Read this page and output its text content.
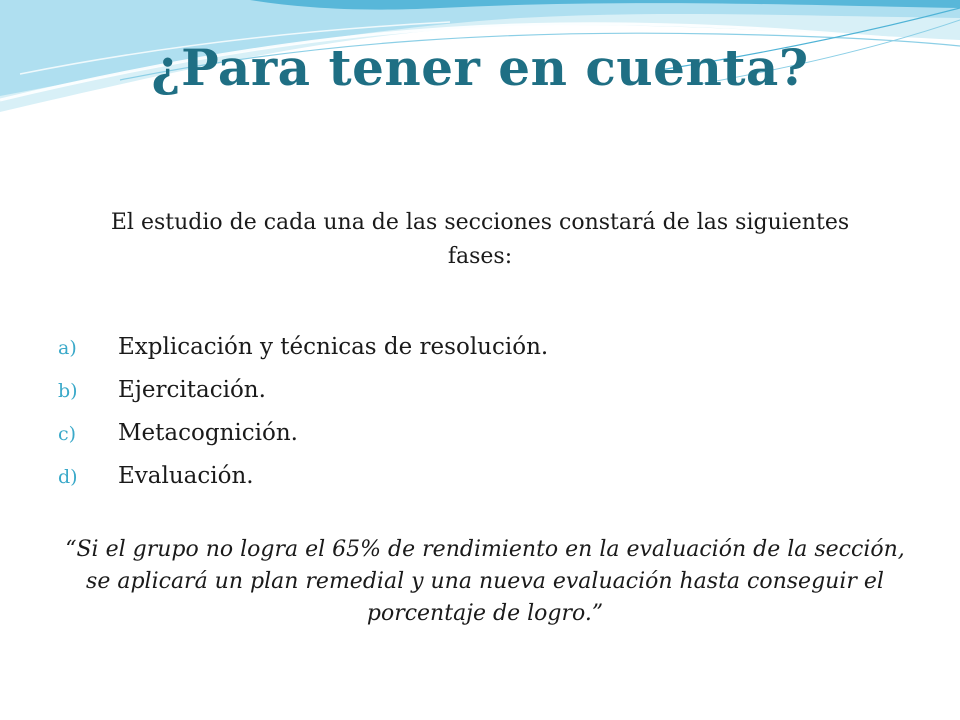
¿Para tener en cuenta?

El estudio de cada una de las secciones constará de las siguientes fases:

a)	Explicación y técnicas de resolución.
b)	Ejercitación.
c)	Metacognición.
d)	Evaluación.

“Si el grupo no logra el 65% de rendimiento en la evaluación de la sección, se aplicará un plan remedial y una nueva evaluación hasta conseguir el porcentaje de logro.”
